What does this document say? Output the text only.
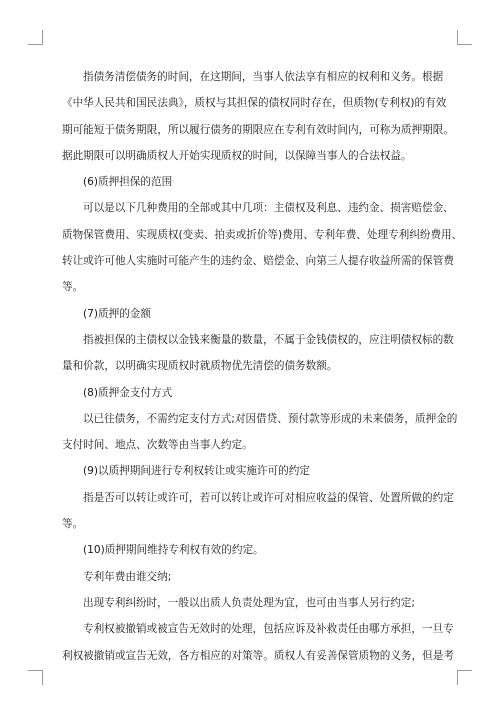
指债务清偿债务的时间，在这期间，当事人依法享有相应的权利和义务。根据

《中华人民共和国民法典》，质权与其担保的债权同时存在，但质物(专利权)的有效

期可能短于债务期限，所以履行债务的期限应在专利有效时间内，可称为质押期限。

据此期限可以明确质权人开始实现质权的时间，以保障当事人的合法权益。

(6)质押担保的范围

可以是以下几种费用的全部或其中几项：主债权及利息、违约金、损害赔偿金、

质物保管费用、实现质权(变卖、拍卖或折价等)费用、专利年费、处理专利纠纷费用、

转让或许可他人实施时可能产生的违约金、赔偿金、向第三人提存收益所需的保管费

等。

(7)质押的金额

指被担保的主债权以金钱来衡量的数量，不属于金钱债权的，应注明债权标的数

量和价款，以明确实现质权时就质物优先清偿的债务数额。

(8)质押金支付方式

以已往债务，不需约定支付方式;对因借贷、预付款等形成的未来债务，质押金的

支付时间、地点、次数等由当事人约定。

(9)以质押期间进行专利权转让或实施许可的约定

指是否可以转让或许可，若可以转让或许可对相应收益的保管、处置所做的约定

等。

(10)质押期间维持专利权有效的约定。

专利年费由谁交纳;

出现专利纠纷时，一般以出质人负责处理为宜，也可由当事人另行约定;

专利权被撤销或被宣告无效时的处理，包括应诉及补救责任由哪方承担，一旦专

利权被撤销或宣告无效，各方相应的对策等。质权人有妥善保管质物的义务，但是考
